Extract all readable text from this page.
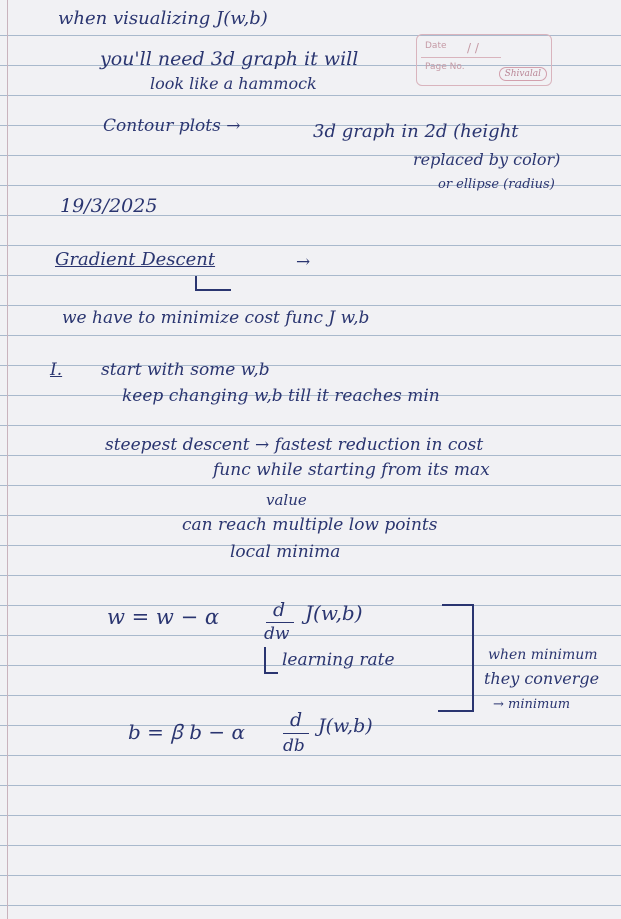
Date / /
Page No.
Shivalal
when visualizing J(w,b)
you'll need 3d graph it will
look like a hammock
Contour plots →	3d graph in 2d (height
replaced by color)
or ellipse (radius)
19/3/2025
Gradient Descent	→
we have to minimize cost func J w,b
I. start with some w,b
keep changing w,b till it reaches min
steepest descent → fastest reduction in cost
func while starting from its max
value
can reach multiple low points
local minima
w = w − α	d
dw
J(w,b)
learning rate
b = ꞵ b − α d
db
J(w,b)
when minimum
they converge
→ minimum
